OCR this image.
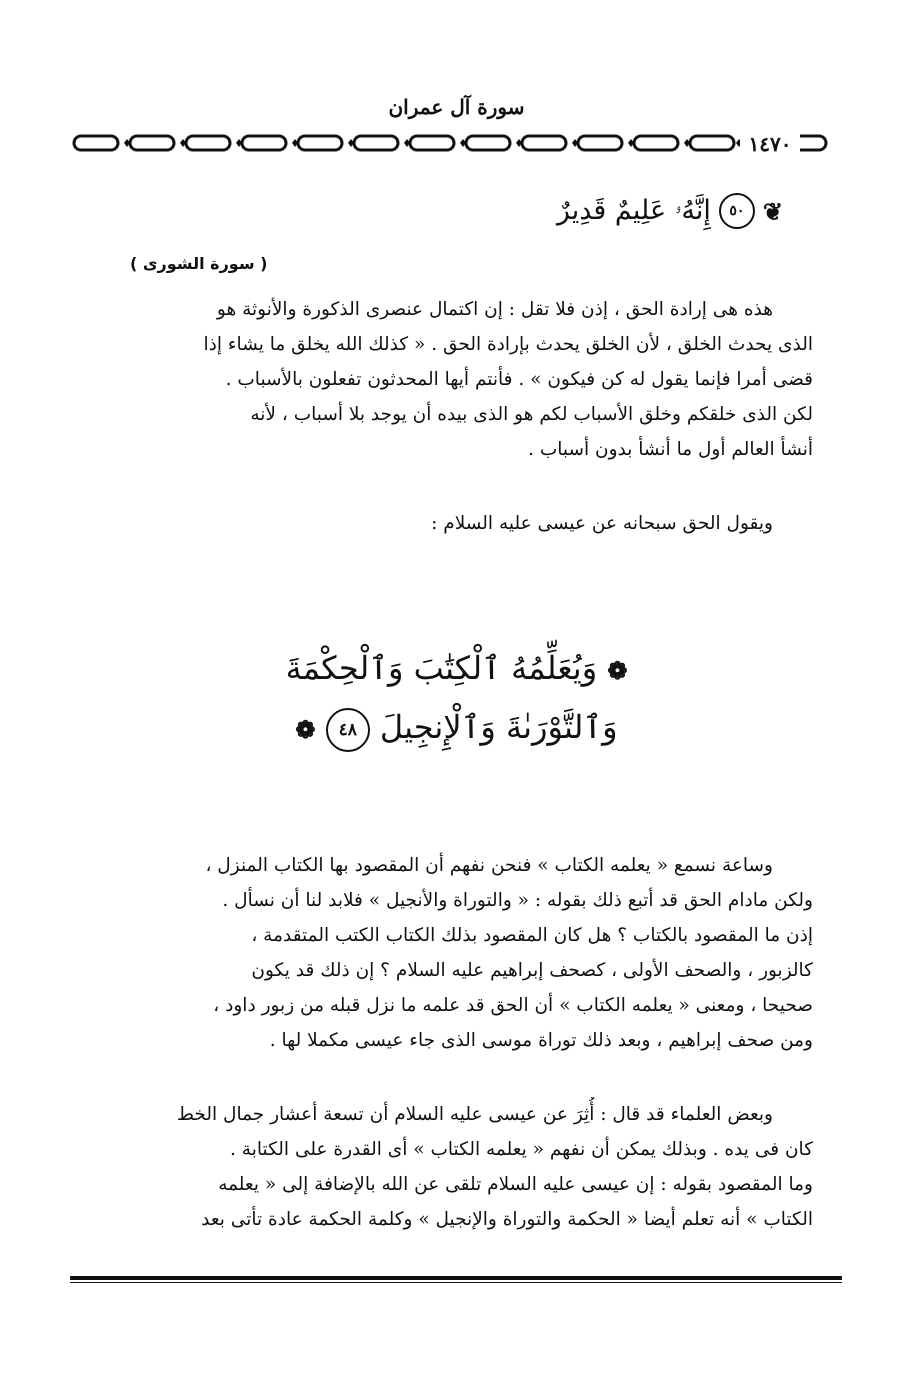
سورة آل عمران
١٤٧٠
❦
٥٠
إِنَّهُۥ عَلِيمٌ قَدِيرٌ
( سورة الشورى )
هذه هى إرادة الحق ، إذن فلا تقل : إن اكتمال عنصرى الذكورة والأنوثة هو
الذى يحدث الخلق ، لأن الخلق يحدث بإرادة الحق . « كذلك الله يخلق ما يشاء إذا
قضى أمرا فإنما يقول له كن فيكون » . فأنتم أيها المحدثون تفعلون بالأسباب .
لكن الذى خلقكم وخلق الأسباب لكم هو الذى بيده أن يوجد بلا أسباب ، لأنه
أنشأ العالم أول ما أنشأ بدون أسباب .
ويقول الحق سبحانه عن عيسى عليه السلام :
❁ وَيُعَلِّمُهُ ٱلْكِتَٰبَ وَٱلْحِكْمَةَ
وَٱلتَّوْرَىٰةَ وَٱلْإِنجِيلَ ٤٨ ❁
وساعة نسمع « يعلمه الكتاب » فنحن نفهم أن المقصود بها الكتاب المنزل ،
ولكن مادام الحق قد أتبع ذلك بقوله : « والتوراة والأنجيل » فلابد لنا أن نسأل .
إذن ما المقصود بالكتاب ؟ هل كان المقصود بذلك الكتاب الكتب المتقدمة ،
كالزبور ، والصحف الأولى ، كصحف إبراهيم عليه السلام ؟ إن ذلك قد يكون
صحيحا ، ومعنى « يعلمه الكتاب » أن الحق قد علمه ما نزل قبله من زبور داود ،
ومن صحف إبراهيم ، وبعد ذلك توراة موسى الذى جاء عيسى مكملا لها .
وبعض العلماء قد قال : أُثِرَ عن عيسى عليه السلام أن تسعة أعشار جمال الخط
كان فى يده . وبذلك يمكن أن نفهم « يعلمه الكتاب » أى القدرة على الكتابة .
وما المقصود بقوله : إن عيسى عليه السلام تلقى عن الله بالإضافة إلى « يعلمه
الكتاب » أنه تعلم أيضا « الحكمة والتوراة والإنجيل » وكلمة الحكمة عادة تأتى بعد
